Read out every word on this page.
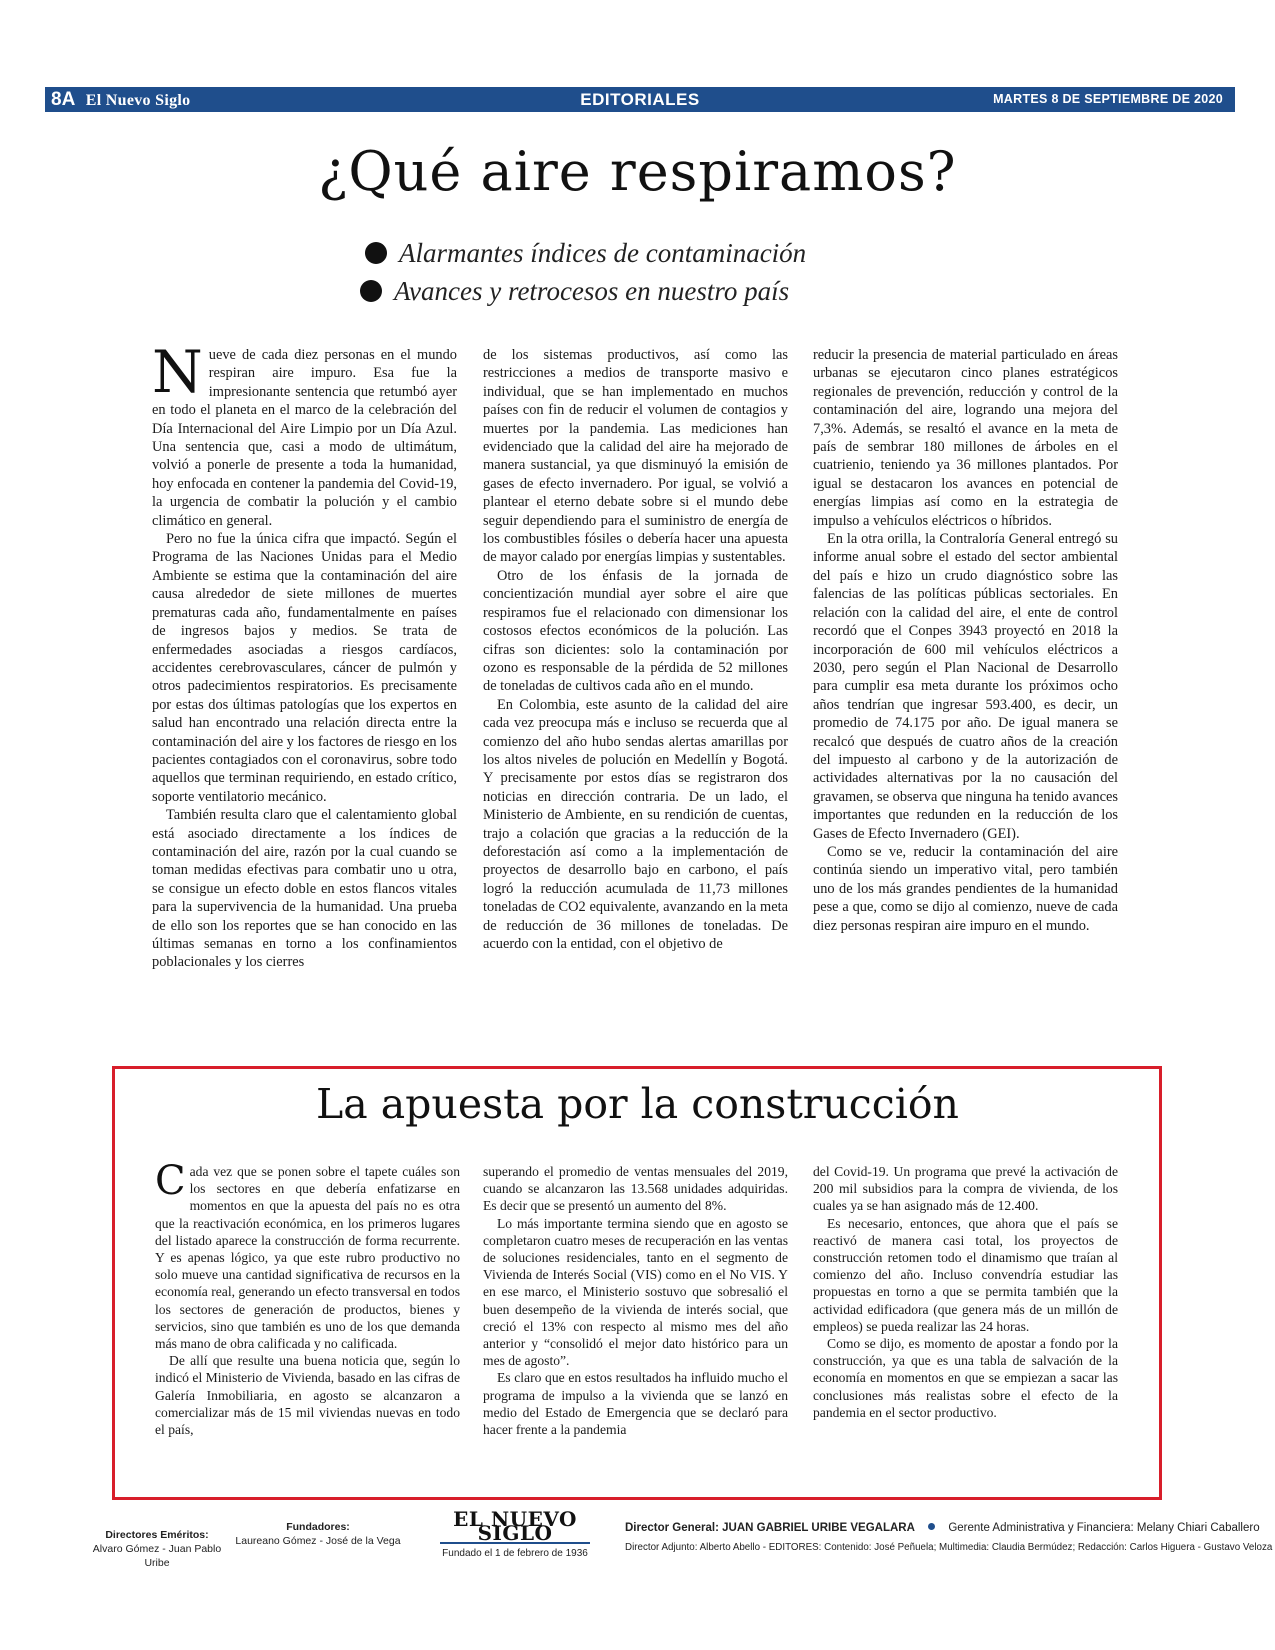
8A El Nuevo Siglo	EDITORIALES	MARTES 8 DE SEPTIEMBRE DE 2020
¿Qué aire respiramos?
Alarmantes índices de contaminación
Avances y retrocesos en nuestro país

Nueve de cada diez personas en el mundo respiran aire impuro. Esa fue la impresionante sentencia que retumbó ayer en todo el planeta en el marco de la celebración del Día Internacional del Aire Limpio por un Día Azul. Una sentencia que, casi a modo de ultimátum, volvió a ponerle de presente a toda la humanidad, hoy enfocada en contener la pandemia del Covid-19, la urgencia de combatir la polución y el cambio climático en general.

Pero no fue la única cifra que impactó. Según el Programa de las Naciones Unidas para el Medio Ambiente se estima que la contaminación del aire causa alrededor de siete millones de muertes prematuras cada año, fundamentalmente en países de ingresos bajos y medios. Se trata de enfermedades asociadas a riesgos cardíacos, accidentes cerebrovasculares, cáncer de pulmón y otros padecimientos respiratorios. Es precisamente por estas dos últimas patologías que los expertos en salud han encontrado una relación directa entre la contaminación del aire y los factores de riesgo en los pacientes contagiados con el coronavirus, sobre todo aquellos que terminan requiriendo, en estado crítico, soporte ventilatorio mecánico.

También resulta claro que el calentamiento global está asociado directamente a los índices de contaminación del aire, razón por la cual cuando se toman medidas efectivas para combatir uno u otra, se consigue un efecto doble en estos flancos vitales para la supervivencia de la humanidad. Una prueba de ello son los reportes que se han conocido en las últimas semanas en torno a los confinamientos poblacionales y los cierres

de los sistemas productivos, así como las restricciones a medios de transporte masivo e individual, que se han implementado en muchos países con fin de reducir el volumen de contagios y muertes por la pandemia. Las mediciones han evidenciado que la calidad del aire ha mejorado de manera sustancial, ya que disminuyó la emisión de gases de efecto invernadero. Por igual, se volvió a plantear el eterno debate sobre si el mundo debe seguir dependiendo para el suministro de energía de los combustibles fósiles o debería hacer una apuesta de mayor calado por energías limpias y sustentables.

Otro de los énfasis de la jornada de concientización mundial ayer sobre el aire que respiramos fue el relacionado con dimensionar los costosos efectos económicos de la polución. Las cifras son dicientes: solo la contaminación por ozono es responsable de la pérdida de 52 millones de toneladas de cultivos cada año en el mundo.

En Colombia, este asunto de la calidad del aire cada vez preocupa más e incluso se recuerda que al comienzo del año hubo sendas alertas amarillas por los altos niveles de polución en Medellín y Bogotá. Y precisamente por estos días se registraron dos noticias en dirección contraria. De un lado, el Ministerio de Ambiente, en su rendición de cuentas, trajo a colación que gracias a la reducción de la deforestación así como a la implementación de proyectos de desarrollo bajo en carbono, el país logró la reducción acumulada de 11,73 millones toneladas de CO2 equivalente, avanzando en la meta de reducción de 36 millones de toneladas. De acuerdo con la entidad, con el objetivo de

reducir la presencia de material particulado en áreas urbanas se ejecutaron cinco planes estratégicos regionales de prevención, reducción y control de la contaminación del aire, logrando una mejora del 7,3%. Además, se resaltó el avance en la meta de país de sembrar 180 millones de árboles en el cuatrienio, teniendo ya 36 millones plantados. Por igual se destacaron los avances en potencial de energías limpias así como en la estrategia de impulso a vehículos eléctricos o híbridos.

En la otra orilla, la Contraloría General entregó su informe anual sobre el estado del sector ambiental del país e hizo un crudo diagnóstico sobre las falencias de las políticas públicas sectoriales. En relación con la calidad del aire, el ente de control recordó que el Conpes 3943 proyectó en 2018 la incorporación de 600 mil vehículos eléctricos a 2030, pero según el Plan Nacional de Desarrollo para cumplir esa meta durante los próximos ocho años tendrían que ingresar 593.400, es decir, un promedio de 74.175 por año. De igual manera se recalcó que después de cuatro años de la creación del impuesto al carbono y de la autorización de actividades alternativas por la no causación del gravamen, se observa que ninguna ha tenido avances importantes que redunden en la reducción de los Gases de Efecto Invernadero (GEI).

Como se ve, reducir la contaminación del aire continúa siendo un imperativo vital, pero también uno de los más grandes pendientes de la humanidad pese a que, como se dijo al comienzo, nueve de cada diez personas respiran aire impuro en el mundo.

La apuesta por la construcción

Cada vez que se ponen sobre el tapete cuáles son los sectores en que debería enfatizarse en momentos en que la apuesta del país no es otra que la reactivación económica, en los primeros lugares del listado aparece la construcción de forma recurrente. Y es apenas lógico, ya que este rubro productivo no solo mueve una cantidad significativa de recursos en la economía real, generando un efecto transversal en todos los sectores de generación de productos, bienes y servicios, sino que también es uno de los que demanda más mano de obra calificada y no calificada.

De allí que resulte una buena noticia que, según lo indicó el Ministerio de Vivienda, basado en las cifras de Galería Inmobiliaria, en agosto se alcanzaron a comercializar más de 15 mil viviendas nuevas en todo el país,

superando el promedio de ventas mensuales del 2019, cuando se alcanzaron las 13.568 unidades adquiridas. Es decir que se presentó un aumento del 8%.

Lo más importante termina siendo que en agosto se completaron cuatro meses de recuperación en las ventas de soluciones residenciales, tanto en el segmento de Vivienda de Interés Social (VIS) como en el No VIS. Y en ese marco, el Ministerio sostuvo que sobresalió el buen desempeño de la vivienda de interés social, que creció el 13% con respecto al mismo mes del año anterior y “consolidó el mejor dato histórico para un mes de agosto”.

Es claro que en estos resultados ha influido mucho el programa de impulso a la vivienda que se lanzó en medio del Estado de Emergencia que se declaró para hacer frente a la pandemia

del Covid-19. Un programa que prevé la activación de 200 mil subsidios para la compra de vivienda, de los cuales ya se han asignado más de 12.400.

Es necesario, entonces, que ahora que el país se reactivó de manera casi total, los proyectos de construcción retomen todo el dinamismo que traían al comienzo del año. Incluso convendría estudiar las propuestas en torno a que se permita también que la actividad edificadora (que genera más de un millón de empleos) se pueda realizar las 24 horas.

Como se dijo, es momento de apostar a fondo por la construcción, ya que es una tabla de salvación de la economía en momentos en que se empiezan a sacar las conclusiones más realistas sobre el efecto de la pandemia en el sector productivo.

Directores Eméritos:
Alvaro Gómez - Juan Pablo Uribe
Fundadores:
Laureano Gómez - José de la Vega
EL NUEVO SIGLO
Fundado el 1 de febrero de 1936
Director General: JUAN GABRIEL URIBE VEGALARA	Gerente Administrativa y Financiera: Melany Chiari Caballero
Director Adjunto: Alberto Abello - EDITORES: Contenido: José Peñuela; Multimedia: Claudia Bermúdez; Redacción: Carlos Higuera - Gustavo Veloza
